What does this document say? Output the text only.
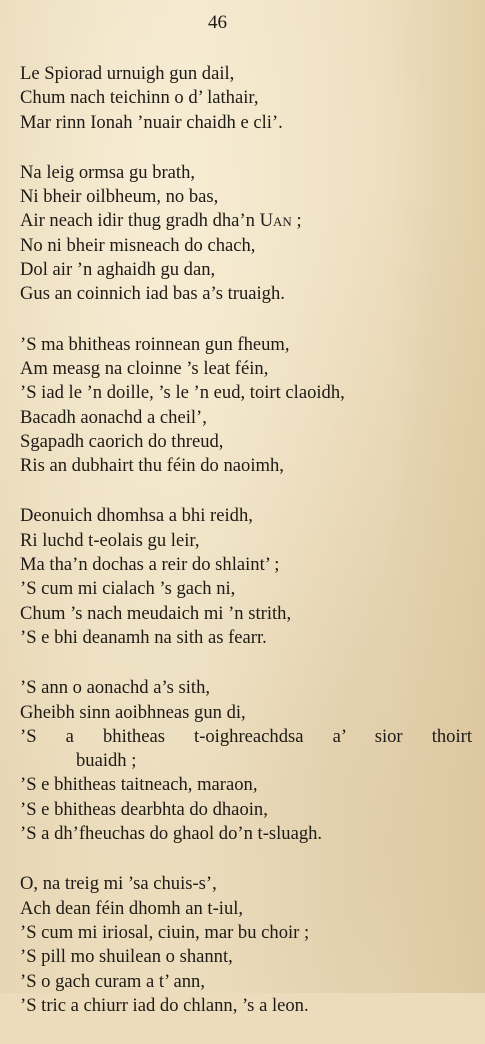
46
Le Spiorad urnuigh gun dail,
Chum nach teichinn o d’ lathair,
Mar rinn Ionah ’nuair chaidh e cli’.
Na leig ormsa gu brath,
Ni bheir oilbheum, no bas,
Air neach idir thug gradh dha’n Uan ;
No ni bheir misneach do chach,
Dol air ’n aghaidh gu dan,
Gus an coinnich iad bas a’s truaigh.
’S ma bhitheas roinnean gun fheum,
Am measg na cloinne ’s leat féin,
’S iad le ’n doille, ’s le ’n eud, toirt claoidh,
Bacadh aonachd a cheil’,
Sgapadh caorich do threud,
Ris an dubhairt thu féin do naoimh,
Deonuich dhomhsa a bhi reidh,
Ri luchd t-eolais gu leir,
Ma tha’n dochas a reir do shlaint’ ;
’S cum mi cialach ’s gach ni,
Chum ’s nach meudaich mi ’n strith,
’S e bhi deanamh na sith as fearr.
’S ann o aonachd a’s sith,
Gheibh sinn aoibhneas gun di,
’S a bhitheas t-oighreachdsa a’ sior thoirt
buaidh ;
’S e bhitheas taitneach, maraon,
’S e bhitheas dearbhta do dhaoin,
’S a dh’fheuchas do ghaol do’n t-sluagh.
O, na treig mi ’sa chuis-s’,
Ach dean féin dhomh an t-iul,
’S cum mi iriosal, ciuin, mar bu choir ;
’S pill mo shuilean o shannt,
’S o gach curam a t’ ann,
’S tric a chiurr iad do chlann, ’s a leon.
